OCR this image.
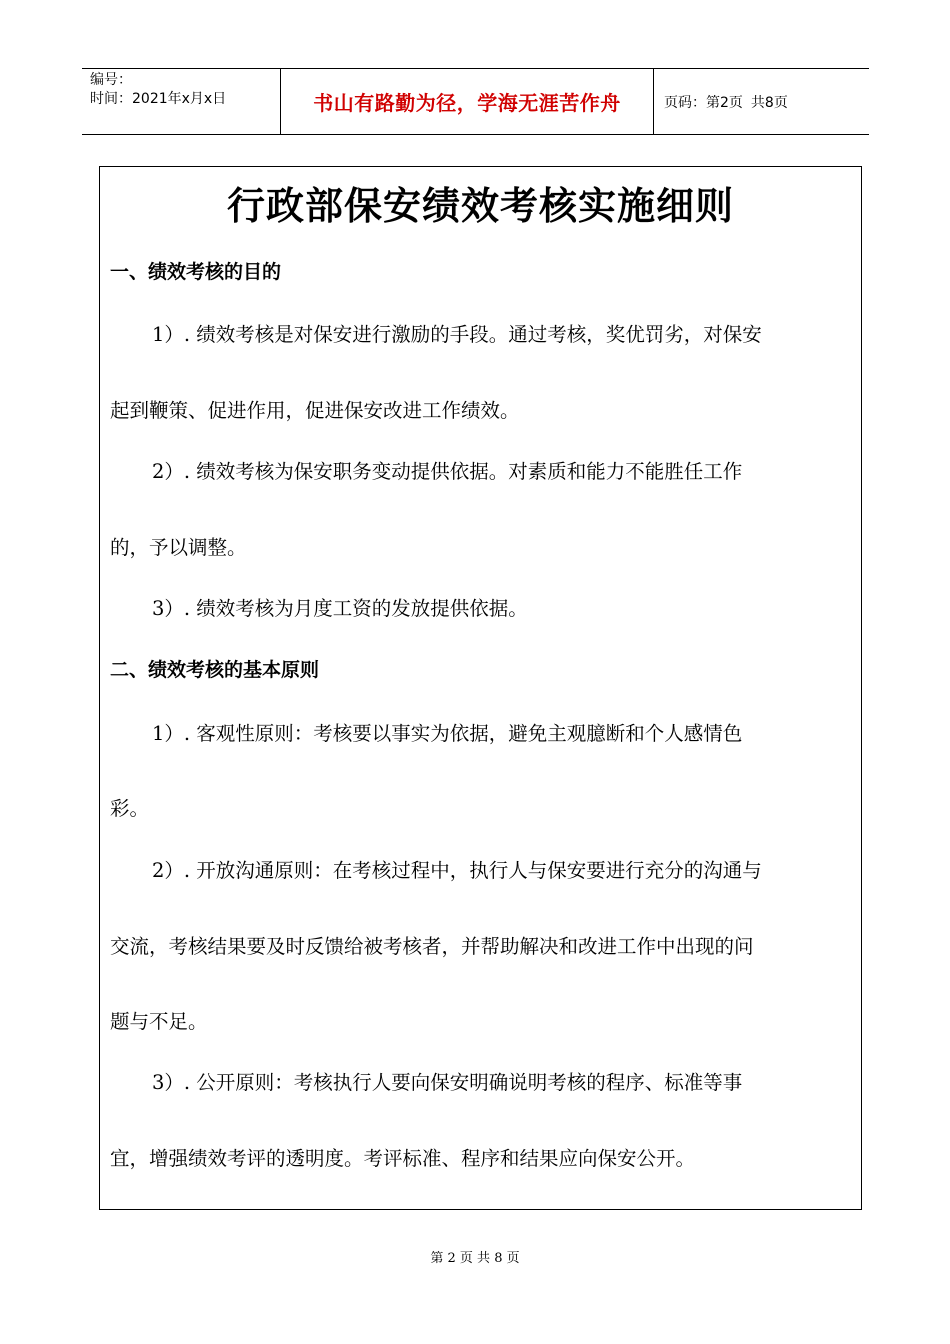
编号：
时间：2021年x月x日	书山有路勤为径，学海无涯苦作舟	页码：第2页 共8页
行政部保安绩效考核实施细则
一、绩效考核的目的
1）. 绩效考核是对保安进行激励的手段。通过考核，奖优罚劣，对保安
起到鞭策、促进作用，促进保安改进工作绩效。
2）. 绩效考核为保安职务变动提供依据。对素质和能力不能胜任工作
的，予以调整。
3）. 绩效考核为月度工资的发放提供依据。
二、绩效考核的基本原则
1）. 客观性原则：考核要以事实为依据，避免主观臆断和个人感情色
彩。
2）. 开放沟通原则：在考核过程中，执行人与保安要进行充分的沟通与
交流，考核结果要及时反馈给被考核者，并帮助解决和改进工作中出现的问
题与不足。
3）. 公开原则：考核执行人要向保安明确说明考核的程序、标准等事
宜，增强绩效考评的透明度。考评标准、程序和结果应向保安公开。
第 2 页 共 8 页
